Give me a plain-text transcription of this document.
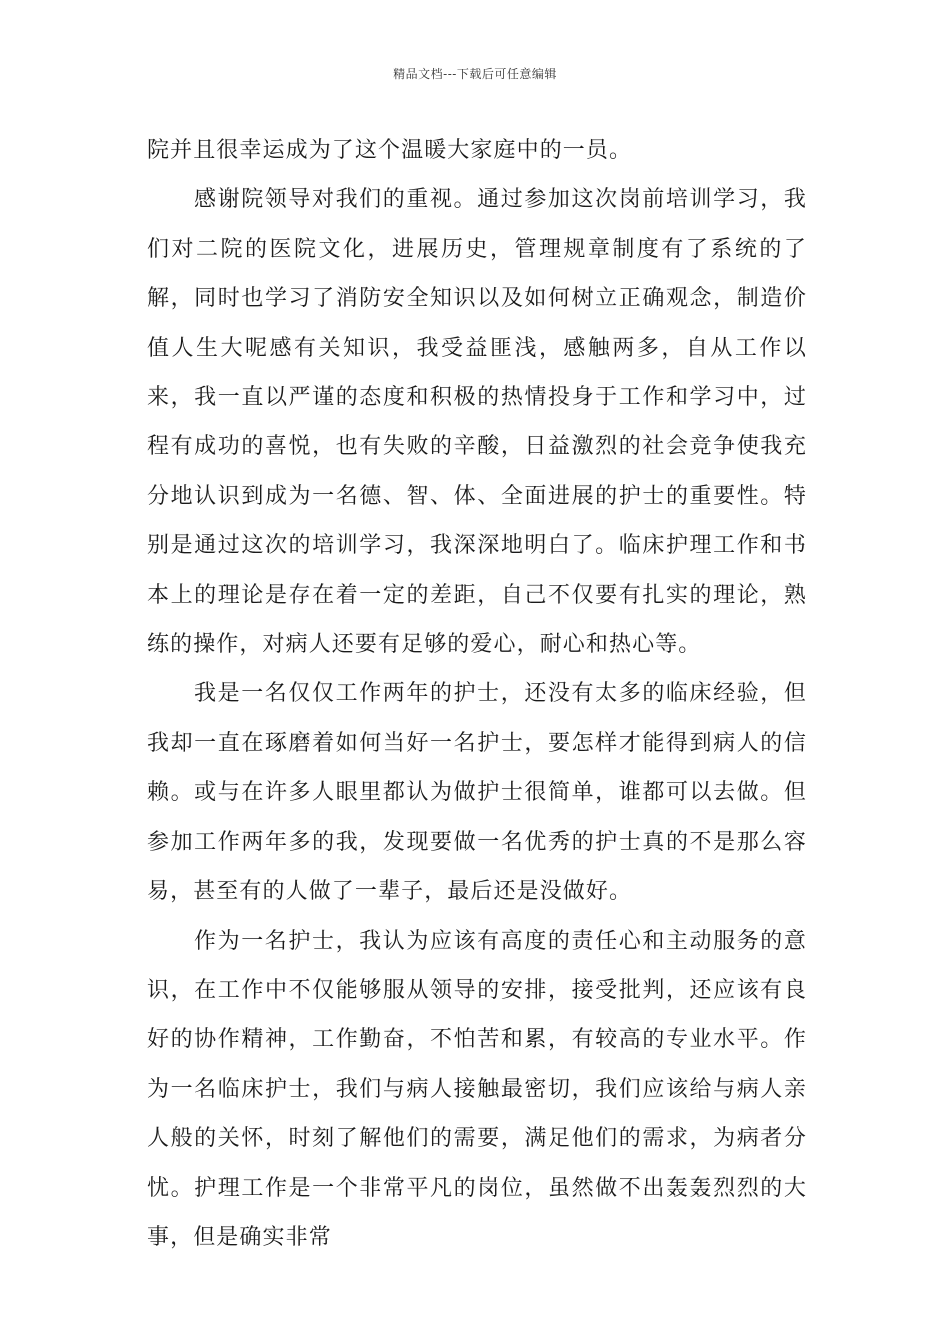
精品文档---下载后可任意编辑

院并且很幸运成为了这个温暖大家庭中的一员。

感谢院领导对我们的重视。通过参加这次岗前培训学习，我们对二院的医院文化，进展历史，管理规章制度有了系统的了解，同时也学习了消防安全知识以及如何树立正确观念，制造价值人生大呢感有关知识，我受益匪浅，感触两多，自从工作以来，我一直以严谨的态度和积极的热情投身于工作和学习中，过程有成功的喜悦，也有失败的辛酸，日益激烈的社会竞争使我充分地认识到成为一名德、智、体、全面进展的护士的重要性。特别是通过这次的培训学习，我深深地明白了。临床护理工作和书本上的理论是存在着一定的差距，自己不仅要有扎实的理论，熟练的操作，对病人还要有足够的爱心，耐心和热心等。

我是一名仅仅工作两年的护士，还没有太多的临床经验，但我却一直在琢磨着如何当好一名护士，要怎样才能得到病人的信赖。或与在许多人眼里都认为做护士很简单，谁都可以去做。但参加工作两年多的我，发现要做一名优秀的护士真的不是那么容易，甚至有的人做了一辈子，最后还是没做好。

作为一名护士，我认为应该有高度的责任心和主动服务的意识，在工作中不仅能够服从领导的安排，接受批判，还应该有良好的协作精神，工作勤奋，不怕苦和累，有较高的专业水平。作为一名临床护士，我们与病人接触最密切，我们应该给与病人亲人般的关怀，时刻了解他们的需要，满足他们的需求，为病者分忧。护理工作是一个非常平凡的岗位，虽然做不出轰轰烈烈的大事，但是确实非常
